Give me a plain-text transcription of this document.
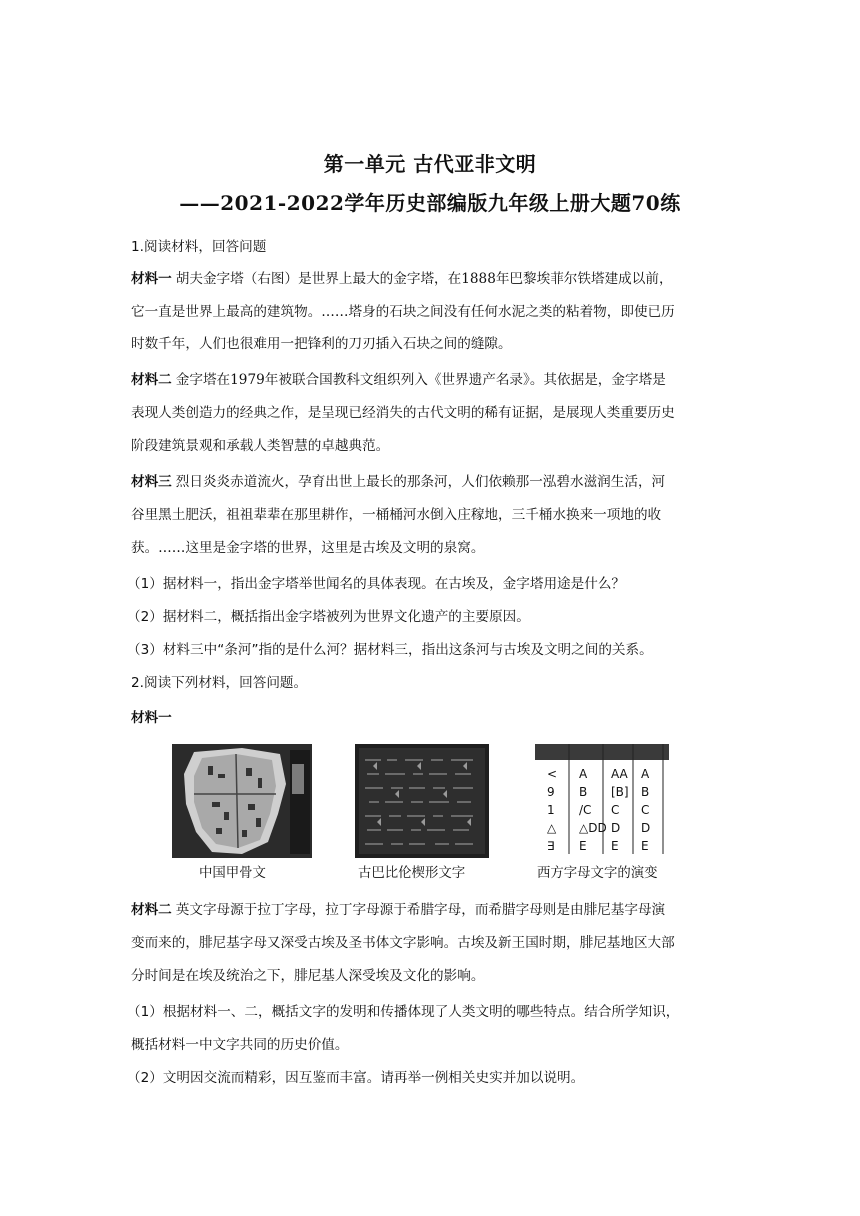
第一单元 古代亚非文明
——2021-2022学年历史部编版九年级上册大题70练
1.阅读材料，回答问题
材料一 胡夫金字塔（右图）是世界上最大的金字塔，在1888年巴黎埃菲尔铁塔建成以前，
它一直是世界上最高的建筑物。……塔身的石块之间没有任何水泥之类的粘着物，即使已历
时数千年，人们也很难用一把锋利的刀刃插入石块之间的缝隙。
材料二 金字塔在1979年被联合国教科文组织列入《世界遗产名录》。其依据是，金字塔是
表现人类创造力的经典之作，是呈现已经消失的古代文明的稀有证据，是展现人类重要历史
阶段建筑景观和承载人类智慧的卓越典范。
材料三 烈日炎炎赤道流火，孕育出世上最长的那条河，人们依赖那一泓碧水滋润生活，河
谷里黑土肥沃，祖祖辈辈在那里耕作，一桶桶河水倒入庄稼地，三千桶水换来一项地的收
获。……这里是金字塔的世界，这里是古埃及文明的泉窝。
（1）据材料一，指出金字塔举世闻名的具体表现。在古埃及，金字塔用途是什么？
（2）据材料二，概括指出金字塔被列为世界文化遗产的主要原因。
（3）材料三中“条河”指的是什么河？据材料三，指出这条河与古埃及文明之间的关系。
2.阅读下列材料，回答问题。
材料一
< A AA A
9 B [B] B
1 /C C C
△ △DD D D
∃ E E E
中国甲骨文	古巴比伦楔形文字	西方字母文字的演变
材料二 英文字母源于拉丁字母，拉丁字母源于希腊字母，而希腊字母则是由腓尼基字母演
变而来的，腓尼基字母又深受古埃及圣书体文字影响。古埃及新王国时期，腓尼基地区大部
分时间是在埃及统治之下，腓尼基人深受埃及文化的影响。
（1）根据材料一、二，概括文字的发明和传播体现了人类文明的哪些特点。结合所学知识，
概括材料一中文字共同的历史价值。
（2）文明因交流而精彩，因互鉴而丰富。请再举一例相关史实并加以说明。
